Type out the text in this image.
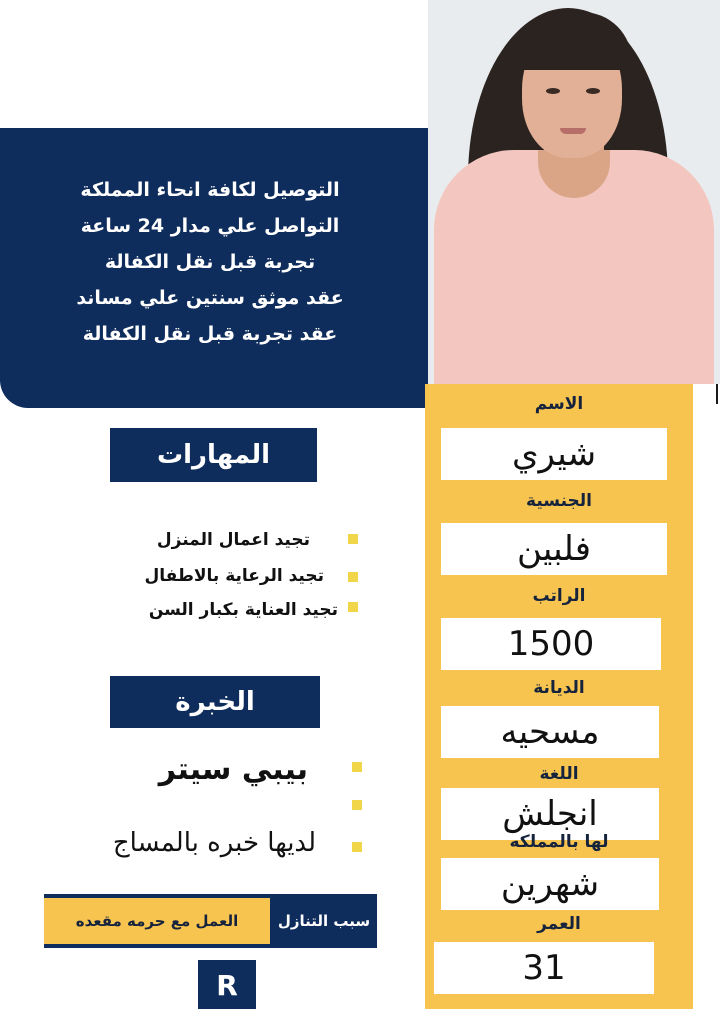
التوصيل لكافة انحاء المملكة
التواصل علي مدار 24 ساعة
تجربة قبل نقل الكفالة
عقد موثق سنتين علي مساند
عقد تجربة قبل نقل الكفالة
الاسم
شيري
الجنسية
فلبين
الراتب
1500
الديانة
مسحيه
اللغة
انجلش
لها بالمملكه
شهرين
العمر
31
المهارات
تجيد اعمال المنزل
تجيد الرعاية بالاطفال
تجيد العناية بكبار السن
الخبرة
بيبي سيتر
لديها خبره بالمساج
العمل مع حرمه مقعده	سبب التنازل
R
